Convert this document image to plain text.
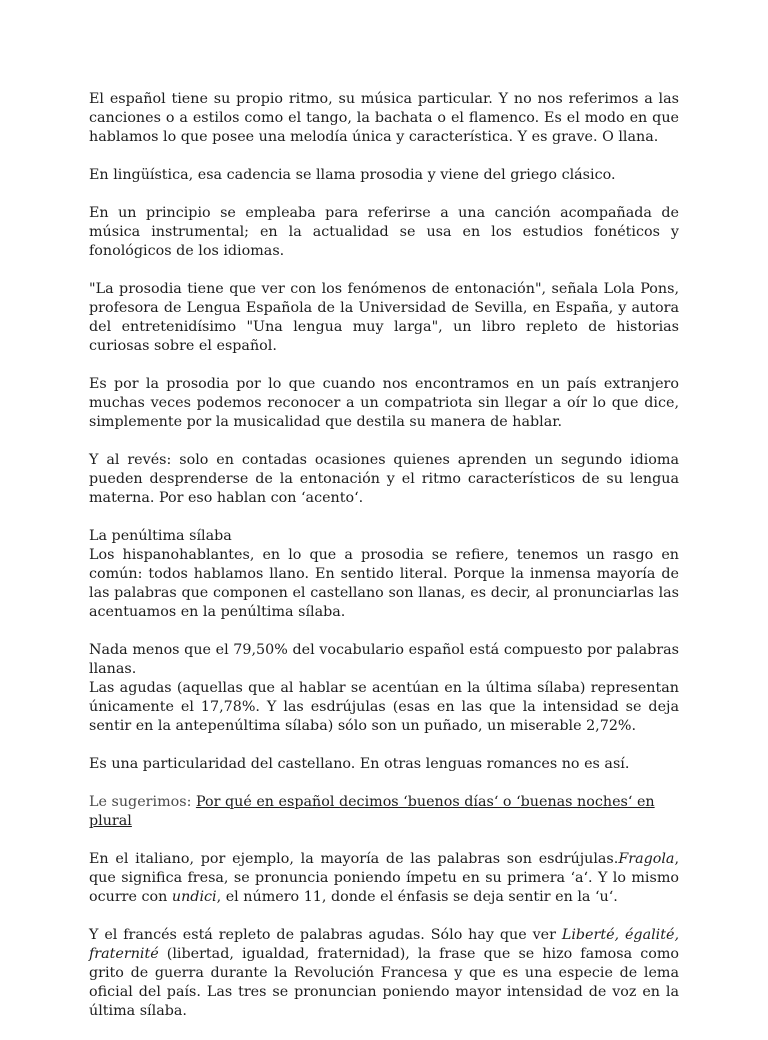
El español tiene su propio ritmo, su música particular. Y no nos referimos a las canciones o a estilos como el tango, la bachata o el flamenco. Es el modo en que hablamos lo que posee una melodía única y característica. Y es grave. O llana.

En lingüística, esa cadencia se llama prosodia y viene del griego clásico.

En un principio se empleaba para referirse a una canción acompañada de música instrumental; en la actualidad se usa en los estudios fonéticos y fonológicos de los idiomas.

"La prosodia tiene que ver con los fenómenos de entonación", señala Lola Pons, profesora de Lengua Española de la Universidad de Sevilla, en España, y autora del entretenidísimo "Una lengua muy larga", un libro repleto de historias curiosas sobre el español.

Es por la prosodia por lo que cuando nos encontramos en un país extranjero muchas veces podemos reconocer a un compatriota sin llegar a oír lo que dice, simplemente por la musicalidad que destila su manera de hablar.

Y al revés: solo en contadas ocasiones quienes aprenden un segundo idioma pueden desprenderse de la entonación y el ritmo característicos de su lengua materna. Por eso hablan con ‘acento‘.

La penúltima sílaba
Los hispanohablantes, en lo que a prosodia se refiere, tenemos un rasgo en común: todos hablamos llano. En sentido literal. Porque la inmensa mayoría de las palabras que componen el castellano son llanas, es decir, al pronunciarlas las acentuamos en la penúltima sílaba.

Nada menos que el 79,50% del vocabulario español está compuesto por palabras llanas.
Las agudas (aquellas que al hablar se acentúan en la última sílaba) representan únicamente el 17,78%. Y las esdrújulas (esas en las que la intensidad se deja sentir en la antepenúltima sílaba) sólo son un puñado, un miserable 2,72%.

Es una particularidad del castellano. En otras lenguas romances no es así.

Le sugerimos: Por qué en español decimos ‘buenos días‘ o ‘buenas noches‘ en plural

En el italiano, por ejemplo, la mayoría de las palabras son esdrújulas.Fragola, que significa fresa, se pronuncia poniendo ímpetu en su primera ‘a‘. Y lo mismo ocurre con undici, el número 11, donde el énfasis se deja sentir en la ‘u‘.

Y el francés está repleto de palabras agudas. Sólo hay que ver Liberté, égalité, fraternité (libertad, igualdad, fraternidad), la frase que se hizo famosa como grito de guerra durante la Revolución Francesa y que es una especie de lema oficial del país. Las tres se pronuncian poniendo mayor intensidad de voz en la última sílaba.
